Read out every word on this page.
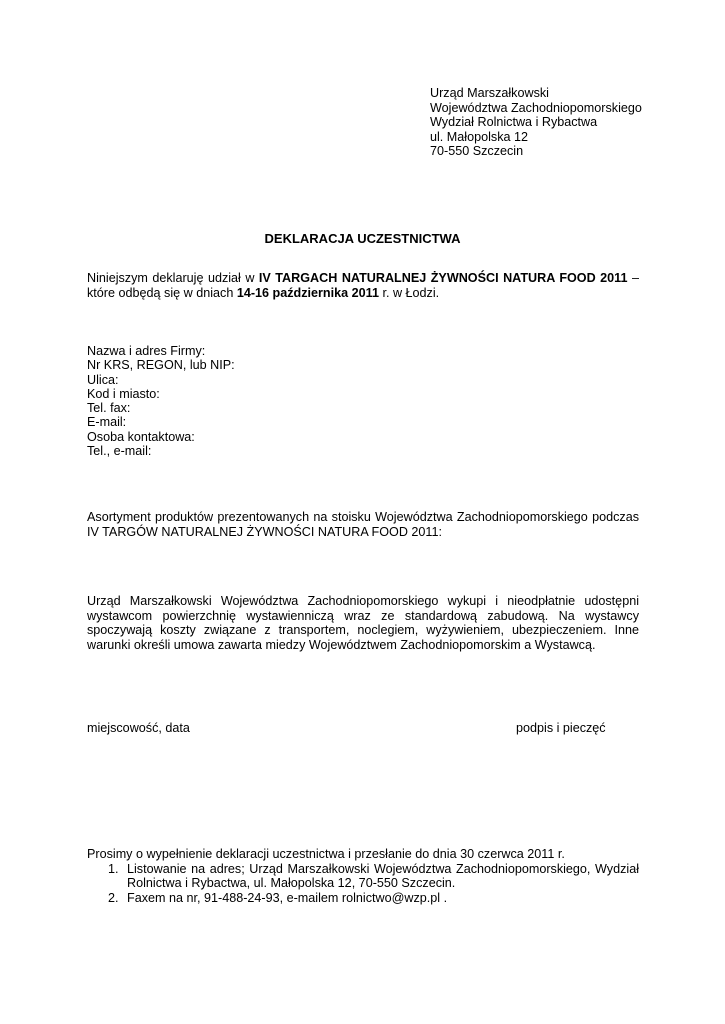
Urząd Marszałkowski
Województwa Zachodniopomorskiego
Wydział Rolnictwa i Rybactwa
ul. Małopolska 12
70-550 Szczecin
DEKLARACJA UCZESTNICTWA
Niniejszym deklaruję udział w IV TARGACH NATURALNEJ ŻYWNOŚCI NATURA FOOD 2011 – które odbędą się w dniach 14-16 października 2011 r. w Łodzi.
Nazwa i adres Firmy:
Nr KRS, REGON, lub NIP:
Ulica:
Kod i miasto:
Tel. fax:
E-mail:
Osoba kontaktowa:
Tel., e-mail:
Asortyment produktów prezentowanych na stoisku Województwa Zachodniopomorskiego podczas IV TARGÓW NATURALNEJ ŻYWNOŚCI NATURA FOOD 2011:
Urząd Marszałkowski Województwa Zachodniopomorskiego wykupi i nieodpłatnie udostępni wystawcom powierzchnię wystawienniczą wraz ze standardową zabudową. Na wystawcy spoczywają koszty związane z transportem, noclegiem, wyżywieniem, ubezpieczeniem. Inne warunki określi umowa zawarta miedzy Województwem Zachodniopomorskim a Wystawcą.
miejscowość, data	podpis i pieczęć
Prosimy o wypełnienie deklaracji uczestnictwa i przesłanie do dnia 30 czerwca 2011 r.
1. Listowanie na adres; Urząd Marszałkowski Województwa Zachodniopomorskiego, Wydział Rolnictwa i Rybactwa, ul. Małopolska 12, 70-550 Szczecin.
2. Faxem na nr, 91-488-24-93, e-mailem rolnictwo@wzp.pl .
